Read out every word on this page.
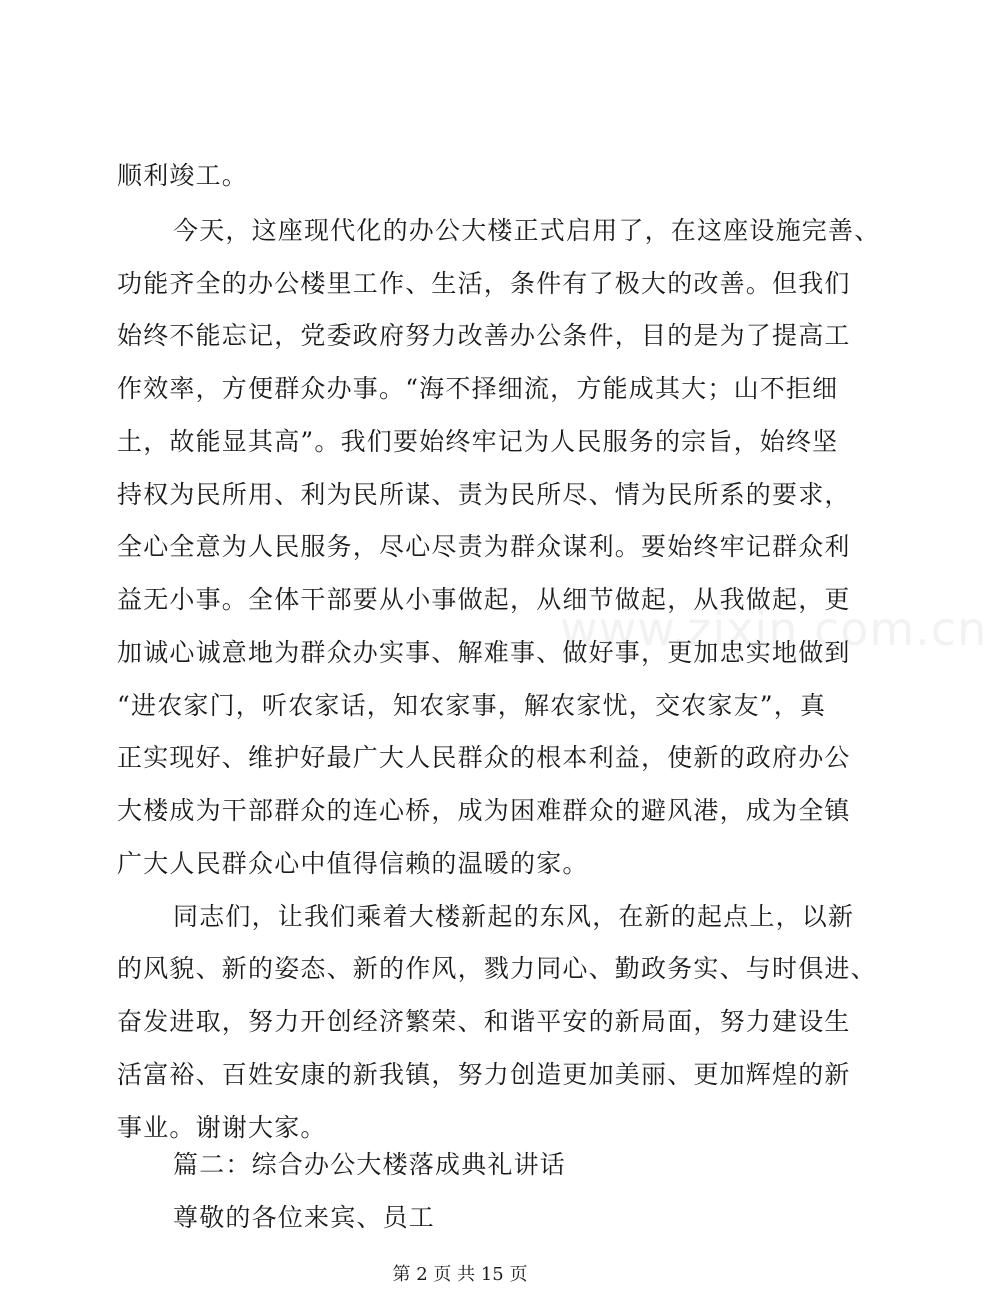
www.zixin.com.cn
顺利竣工。
今天，这座现代化的办公大楼正式启用了，在这座设施完善、
功能齐全的办公楼里工作、生活，条件有了极大的改善。但我们
始终不能忘记，党委政府努力改善办公条件，目的是为了提高工
作效率，方便群众办事。“海不择细流，方能成其大；山不拒细
土，故能显其高”。我们要始终牢记为人民服务的宗旨，始终坚
持权为民所用、利为民所谋、责为民所尽、情为民所系的要求，
全心全意为人民服务，尽心尽责为群众谋利。要始终牢记群众利
益无小事。全体干部要从小事做起，从细节做起，从我做起，更
加诚心诚意地为群众办实事、解难事、做好事，更加忠实地做到
“进农家门，听农家话，知农家事，解农家忧，交农家友”，真
正实现好、维护好最广大人民群众的根本利益，使新的政府办公
大楼成为干部群众的连心桥，成为困难群众的避风港，成为全镇
广大人民群众心中值得信赖的温暖的家。
同志们，让我们乘着大楼新起的东风，在新的起点上，以新
的风貌、新的姿态、新的作风，戮力同心、勤政务实、与时俱进、
奋发进取，努力开创经济繁荣、和谐平安的新局面，努力建设生
活富裕、百姓安康的新我镇，努力创造更加美丽、更加辉煌的新
事业。谢谢大家。
篇二：综合办公大楼落成典礼讲话
尊敬的各位来宾、员工
第 2 页 共 15 页
